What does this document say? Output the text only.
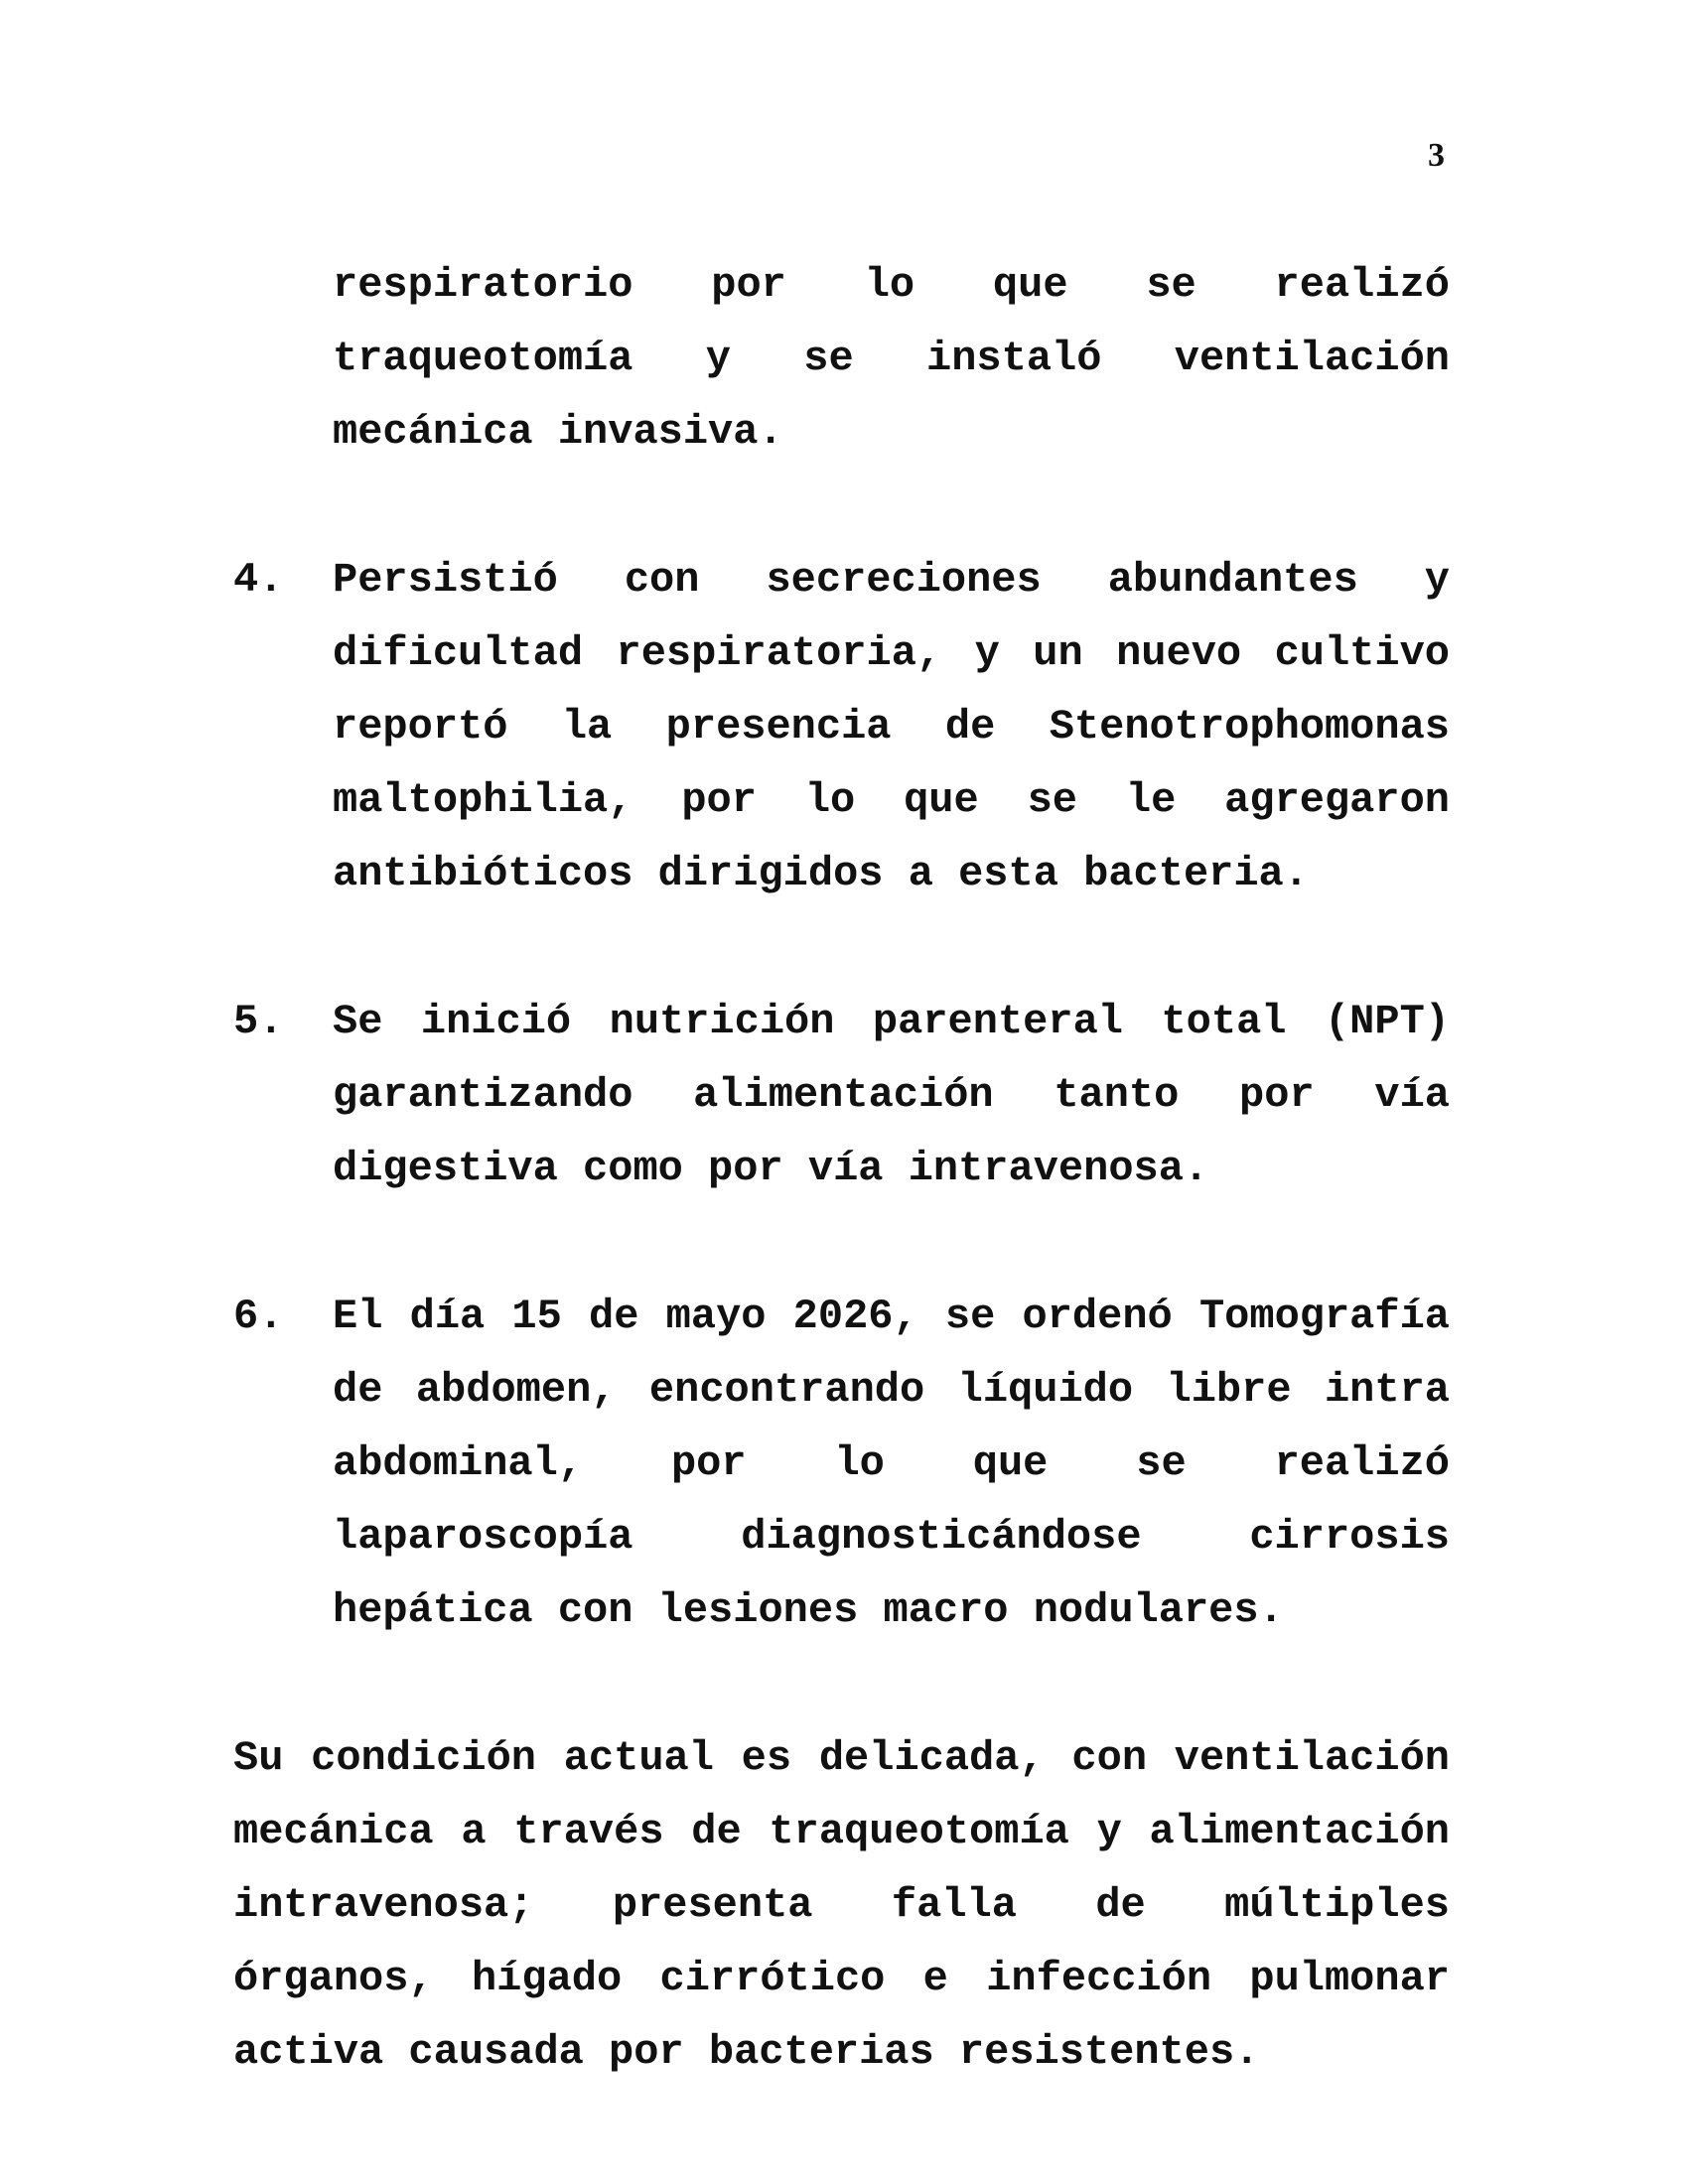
3

respiratorio por lo que se realizó traqueotomía y se instaló ventilación mecánica invasiva.

4.	Persistió con secreciones abundantes y dificultad respiratoria, y un nuevo cultivo reportó la presencia de Stenotrophomonas maltophilia, por lo que se le agregaron antibióticos dirigidos a esta bacteria.

5.	Se inició nutrición parenteral total (NPT) garantizando alimentación tanto por vía digestiva como por vía intravenosa.

6.	El día 15 de mayo 2026, se ordenó Tomografía de abdomen, encontrando líquido libre intra abdominal, por lo que se realizó laparoscopía diagnosticándose cirrosis hepática con lesiones macro nodulares.

Su condición actual es delicada, con ventilación mecánica a través de traqueotomía y alimentación intravenosa; presenta falla de múltiples órganos, hígado cirrótico e infección pulmonar activa causada por bacterias resistentes.
